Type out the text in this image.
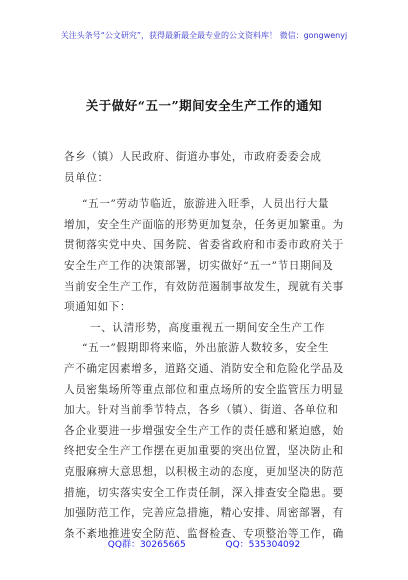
关注头条号“公文研究”，获得最新最全最专业的公文资料库！ 微信：gongwenyj
关于做好“五一”期间安全生产工作的通知
各乡（镇）人民政府、街道办事处，市政府委委会成
员单位：
“五一”劳动节临近，旅游进入旺季，人员出行大量
增加，安全生产面临的形势更加复杂，任务更加繁重。为
贯彻落实党中央、国务院、省委省政府和市委市政府关于
安全生产工作的决策部署，切实做好“五一”节日期间及
当前安全生产工作，有效防范遏制事故发生，现就有关事
项通知如下：
一、认清形势，高度重视五一期间安全生产工作
“五一”假期即将来临，外出旅游人数较多，安全生
产不确定因素增多，道路交通、消防安全和危险化学品及
人员密集场所等重点部位和重点场所的安全监管压力明显
加大。针对当前季节特点，各乡（镇）、街道、各单位和
各企业要进一步增强安全生产工作的责任感和紧迫感，始
终把安全生产工作摆在更加重要的突出位置，坚决防止和
克服麻痹大意思想，以积极主动的态度，更加坚决的防范
措施，切实落实安全工作责任制，深入排查安全隐患。要
加强防范工作，完善应急措施，精心安排、周密部署，有
条不紊地推进安全防范、监督检查、专项整治等工作，确
QQ群：30265665	QQ：535304092
